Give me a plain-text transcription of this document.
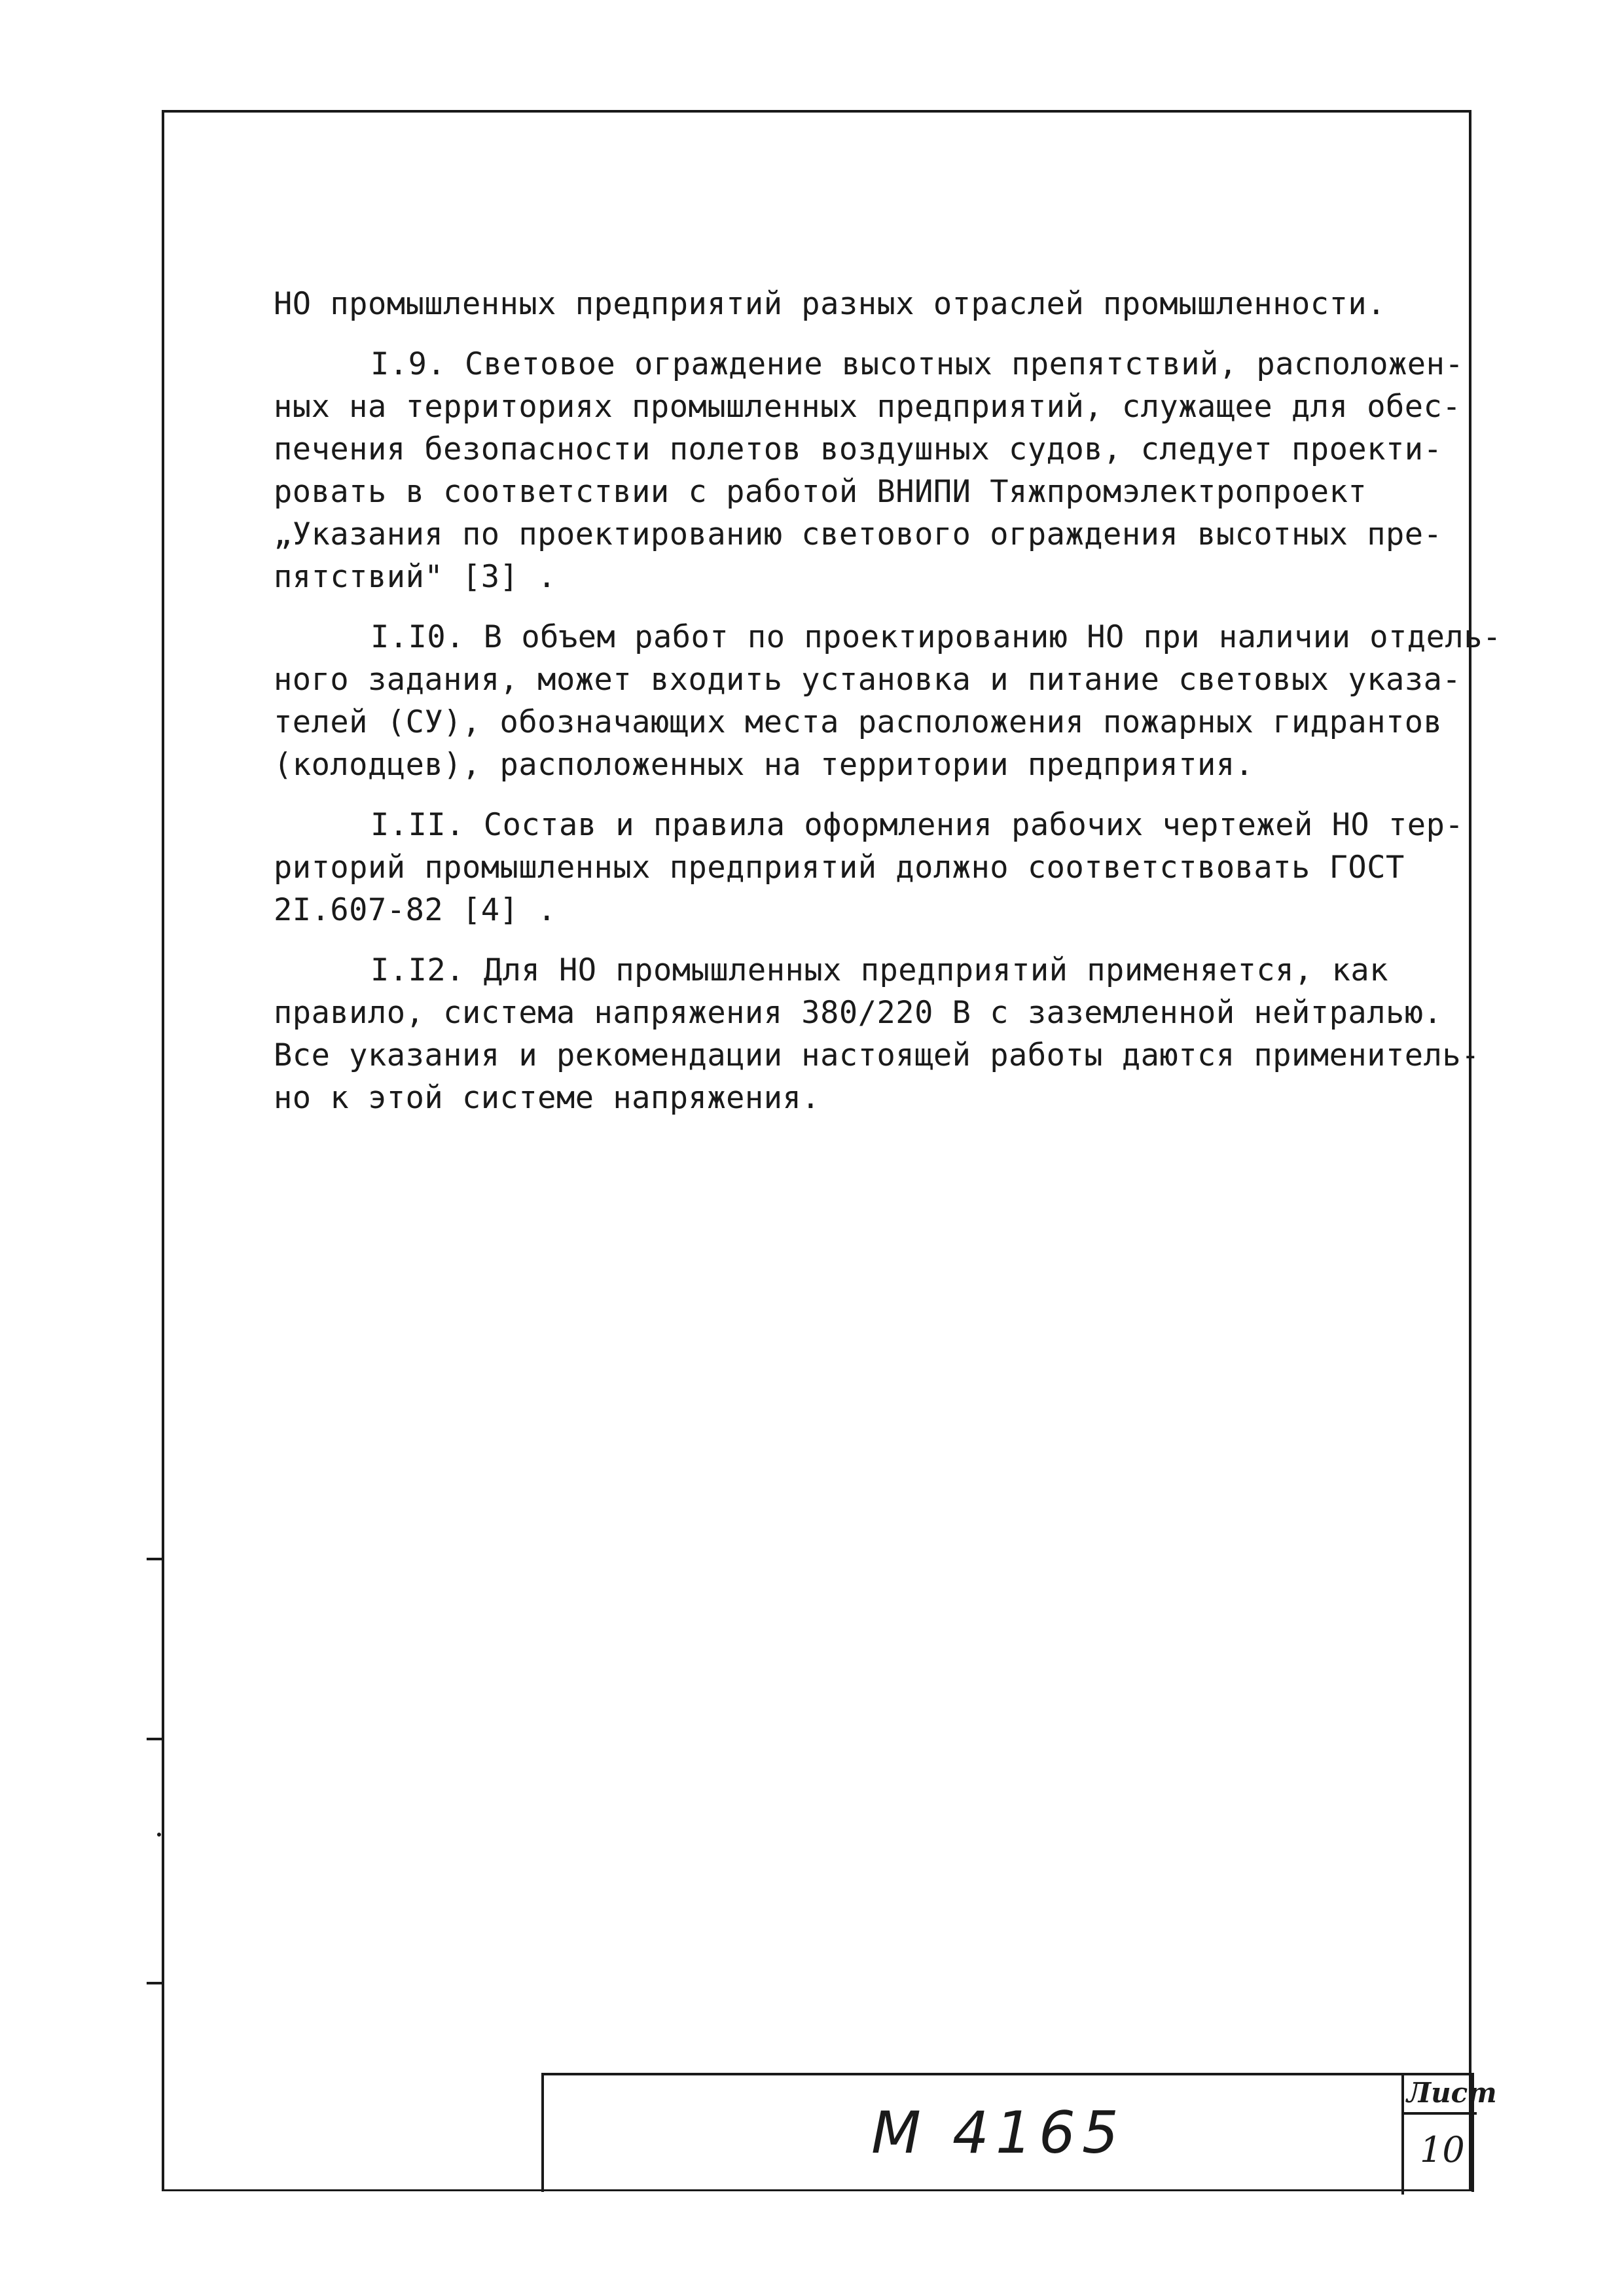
НО промышленных предприятий разных отраслей промышленности.
I.9. Световое ограждение высотных препятствий, расположен-
ных на территориях промышленных предприятий, служащее для обес-
печения безопасности полетов воздушных судов, следует проекти-
ровать в соответствии с работой ВНИПИ Тяжпромэлектропроект
„Указания по проектированию светового ограждения высотных пре-
пятствий" [3] .
I.I0. В объем работ по проектированию НО при наличии отдель-
ного задания, может входить установка и питание световых указа-
телей (СУ), обозначающих места расположения пожарных гидрантов
(колодцев), расположенных на территории предприятия.
I.II. Состав и правила оформления рабочих чертежей НО тер-
риторий промышленных предприятий должно соответствовать ГОСТ
2I.607-82 [4] .
I.I2. Для НО промышленных предприятий применяется, как
правило, система напряжения 380/220 В с заземленной нейтралью.
Все указания и рекомендации настоящей работы даются применитель-
но к этой системе напряжения.
M 4165
Лист
10
